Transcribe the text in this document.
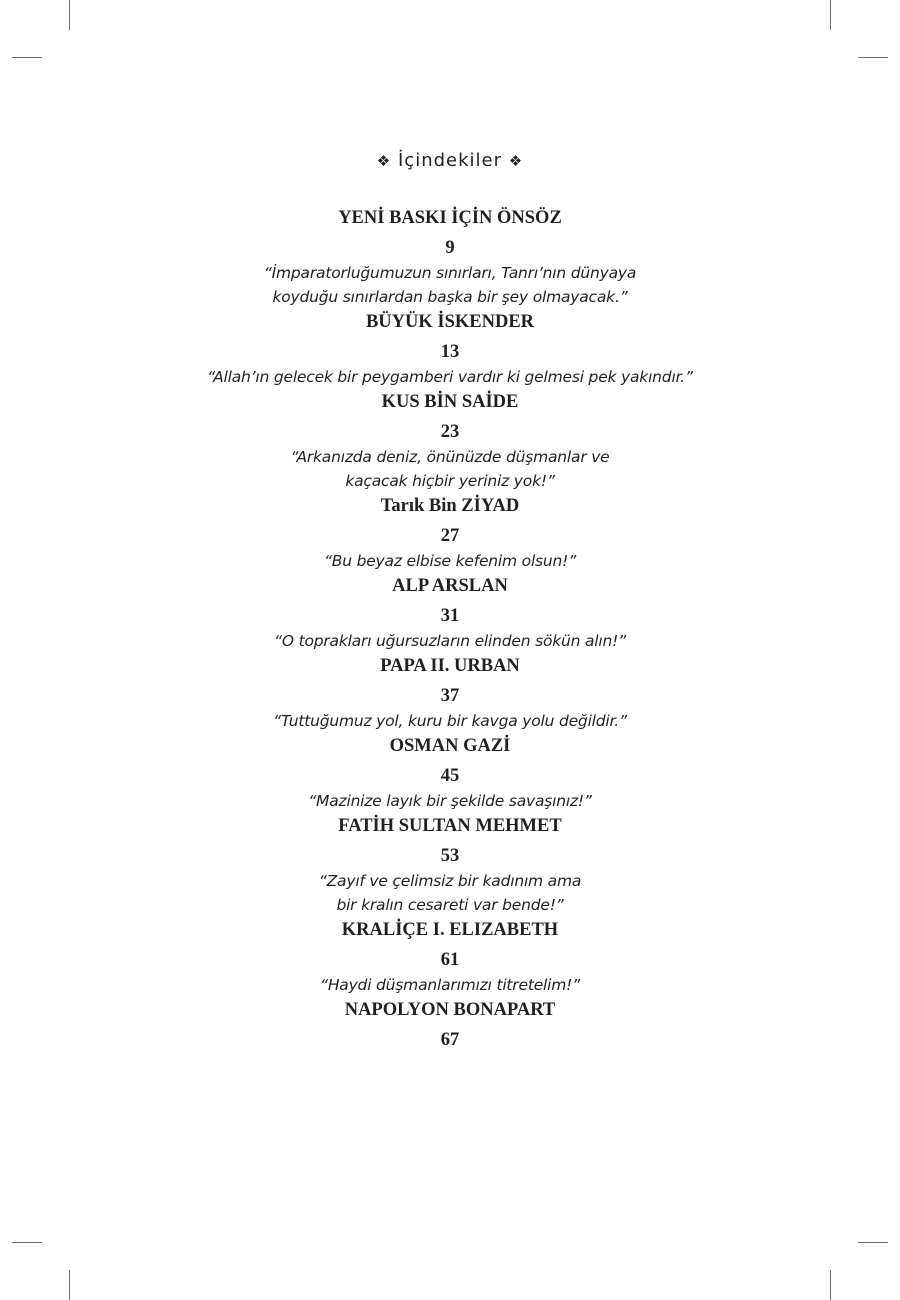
❖ İçindekiler ❖
YENİ BASKI İÇİN ÖNSÖZ
9
“İmparatorluğumuzun sınırları, Tanrı’nın dünyaya
koyduğu sınırlardan başka bir şey olmayacak.”
BÜYÜK İSKENDER
13
“Allah’ın gelecek bir peygamberi vardır ki gelmesi pek yakındır.”
KUS BİN SAİDE
23
“Arkanızda deniz, önünüzde düşmanlar ve
kaçacak hiçbir yeriniz yok!”
Tarık Bin ZİYAD
27
“Bu beyaz elbise kefenim olsun!”
ALP ARSLAN
31
“O toprakları uğursuzların elinden sökün alın!”
PAPA II. URBAN
37
“Tuttuğumuz yol, kuru bir kavga yolu değildir.”
OSMAN GAZİ
45
“Mazinize layık bir şekilde savaşınız!”
FATİH SULTAN MEHMET
53
“Zayıf ve çelimsiz bir kadınım ama
bir kralın cesareti var bende!”
KRALİÇE I. ELIZABETH
61
“Haydi düşmanlarımızı titretelim!”
NAPOLYON BONAPART
67
